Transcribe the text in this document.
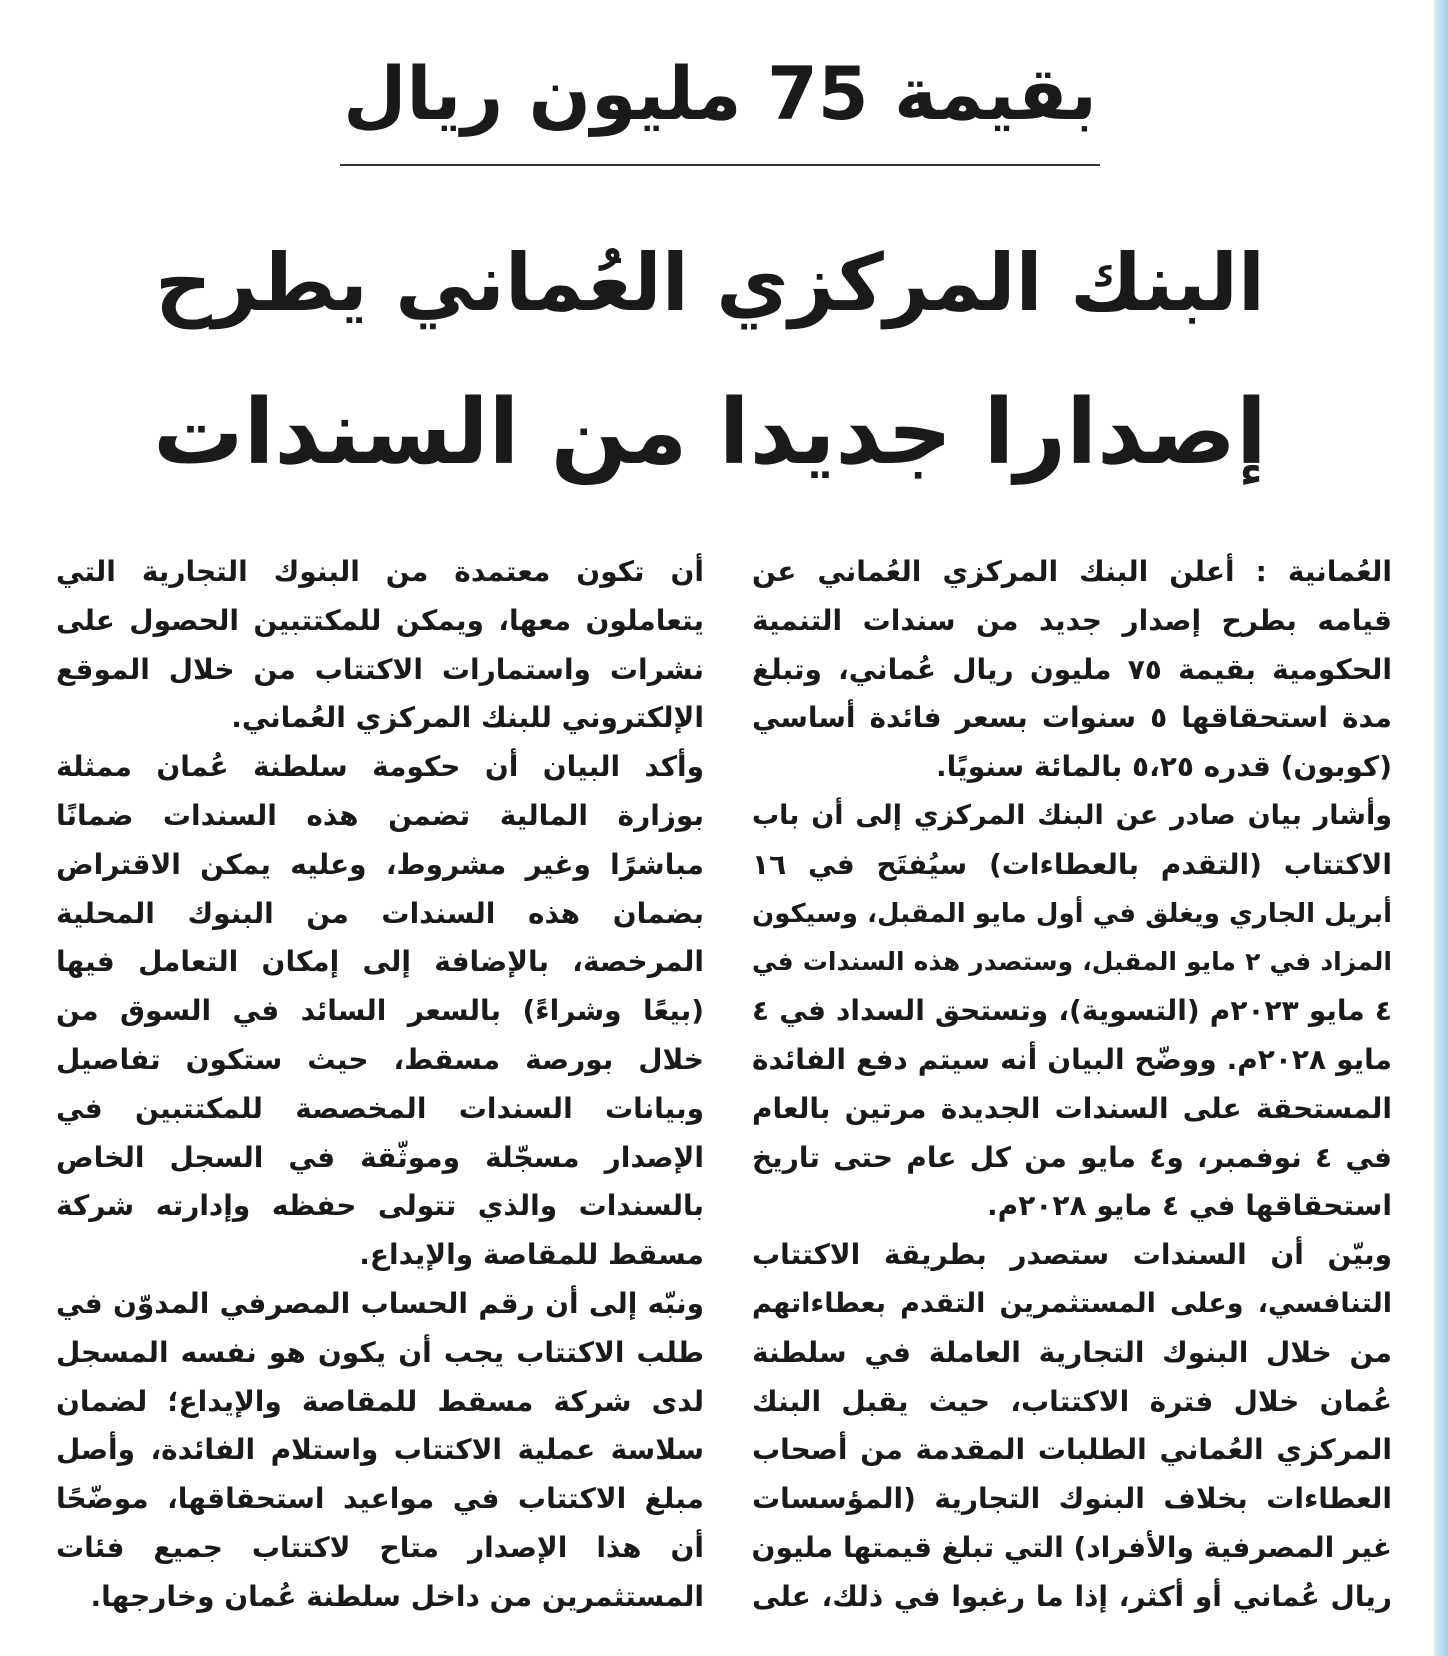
بقيمة 75 مليون ريال
البنك المركزي العُماني يطرح
إصدارا جديدا من السندات
العُمانية : أعلن البنك المركزي العُماني عن
قيامه بطرح إصدار جديد من سندات التنمية
الحكومية بقيمة ٧٥ مليون ريال عُماني، وتبلغ
مدة استحقاقها ٥ سنوات بسعر فائدة أساسي
(كوبون) قدره ٥،٢٥ بالمائة سنويًا.
وأشار بيان صادر عن البنك المركزي إلى أن باب
الاكتتاب (التقدم بالعطاءات) سيُفتَح في ١٦
أبريل الجاري ويغلق في أول مايو المقبل، وسيكون
المزاد في ٢ مايو المقبل، وستصدر هذه السندات في
٤ مايو ٢٠٢٣م (التسوية)، وتستحق السداد في ٤
مايو ٢٠٢٨م. ووضّح البيان أنه سيتم دفع الفائدة
المستحقة على السندات الجديدة مرتين بالعام
في ٤ نوفمبر، و٤ مايو من كل عام حتى تاريخ
استحقاقها في ٤ مايو ٢٠٢٨م.
وبيّن أن السندات ستصدر بطريقة الاكتتاب
التنافسي، وعلى المستثمرين التقدم بعطاءاتهم
من خلال البنوك التجارية العاملة في سلطنة
عُمان خلال فترة الاكتتاب، حيث يقبل البنك
المركزي العُماني الطلبات المقدمة من أصحاب
العطاءات بخلاف البنوك التجارية (المؤسسات
غير المصرفية والأفراد) التي تبلغ قيمتها مليون
ريال عُماني أو أكثر، إذا ما رغبوا في ذلك، على
أن تكون معتمدة من البنوك التجارية التي
يتعاملون معها، ويمكن للمكتتبين الحصول على
نشرات واستمارات الاكتتاب من خلال الموقع
الإلكتروني للبنك المركزي العُماني.
وأكد البيان أن حكومة سلطنة عُمان ممثلة
بوزارة المالية تضمن هذه السندات ضمانًا
مباشرًا وغير مشروط، وعليه يمكن الاقتراض
بضمان هذه السندات من البنوك المحلية
المرخصة، بالإضافة إلى إمكان التعامل فيها
(بيعًا وشراءً) بالسعر السائد في السوق من
خلال بورصة مسقط، حيث ستكون تفاصيل
وبيانات السندات المخصصة للمكتتبين في
الإصدار مسجّلة وموثّقة في السجل الخاص
بالسندات والذي تتولى حفظه وإدارته شركة
مسقط للمقاصة والإيداع.
ونبّه إلى أن رقم الحساب المصرفي المدوّن في
طلب الاكتتاب يجب أن يكون هو نفسه المسجل
لدى شركة مسقط للمقاصة والإيداع؛ لضمان
سلاسة عملية الاكتتاب واستلام الفائدة، وأصل
مبلغ الاكتتاب في مواعيد استحقاقها، موضّحًا
أن هذا الإصدار متاح لاكتتاب جميع فئات
المستثمرين من داخل سلطنة عُمان وخارجها.
